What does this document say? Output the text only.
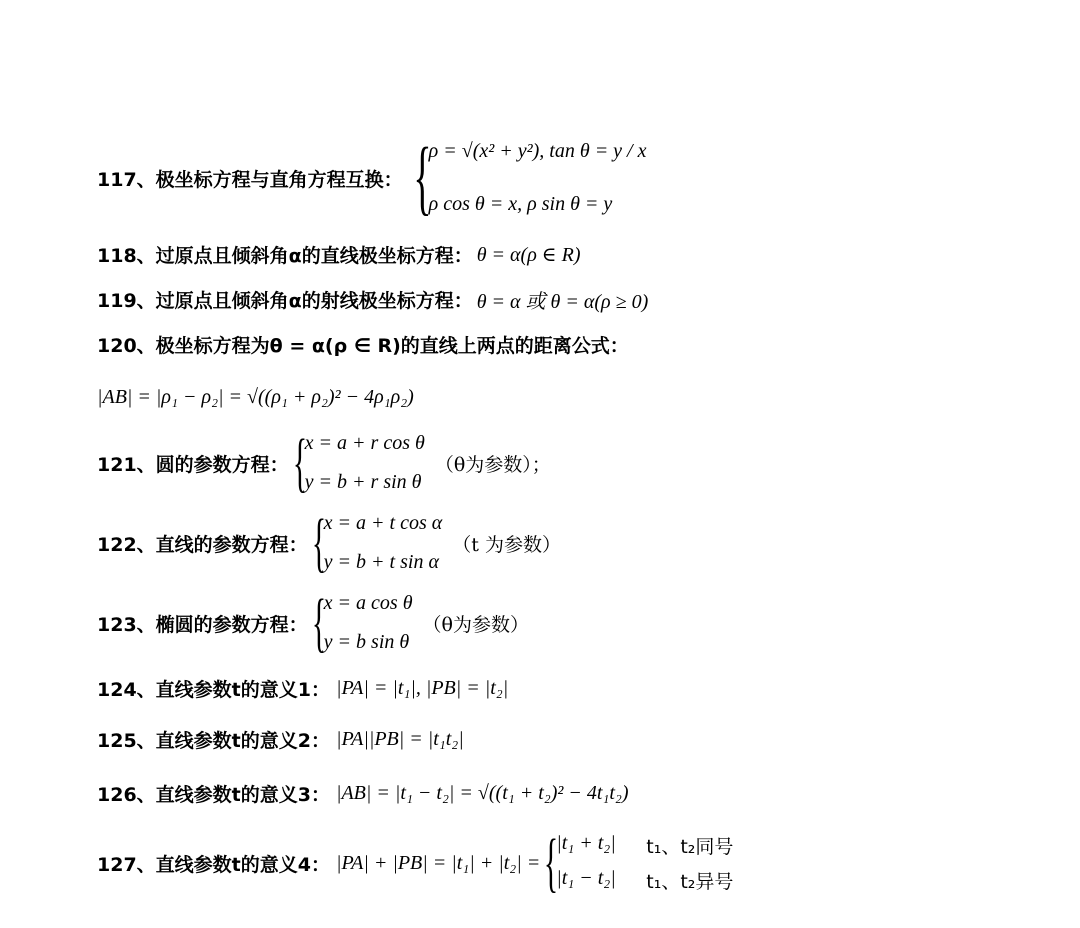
117、极坐标方程与直角方程互换： {
ρ = √(x² + y²), tan θ = y / x
ρ cos θ = x, ρ sin θ = y
118、过原点且倾斜角α的直线极坐标方程： θ = α(ρ ∈ R)
119、过原点且倾斜角α的射线极坐标方程： θ = α 或 θ = α(ρ ≥ 0)
120、极坐标方程为θ = α(ρ ∈ R)的直线上两点的距离公式：
|AB| = |ρ₁ − ρ₂| = √((ρ₁ + ρ₂)² − 4ρ₁ρ₂)
121、圆的参数方程： {
x = a + r cos θ
y = b + r sin θ
（θ为参数）；
122、直线的参数方程： {
x = a + t cos α
y = b + t sin α
（t 为参数）
123、椭圆的参数方程： {
x = a cos θ
y = b sin θ
（θ为参数）
124、直线参数t的意义1： |PA| = |t₁|, |PB| = |t₂|
125、直线参数t的意义2： |PA||PB| = |t₁t₂|
126、直线参数t的意义3： |AB| = |t₁ − t₂| = √((t₁ + t₂)² − 4t₁t₂)
127、直线参数t的意义4： |PA| + |PB| = |t₁| + |t₂| = {
|t₁ + t₂|	t₁、t₂同号
|t₁ − t₂|	t₁、t₂异号
